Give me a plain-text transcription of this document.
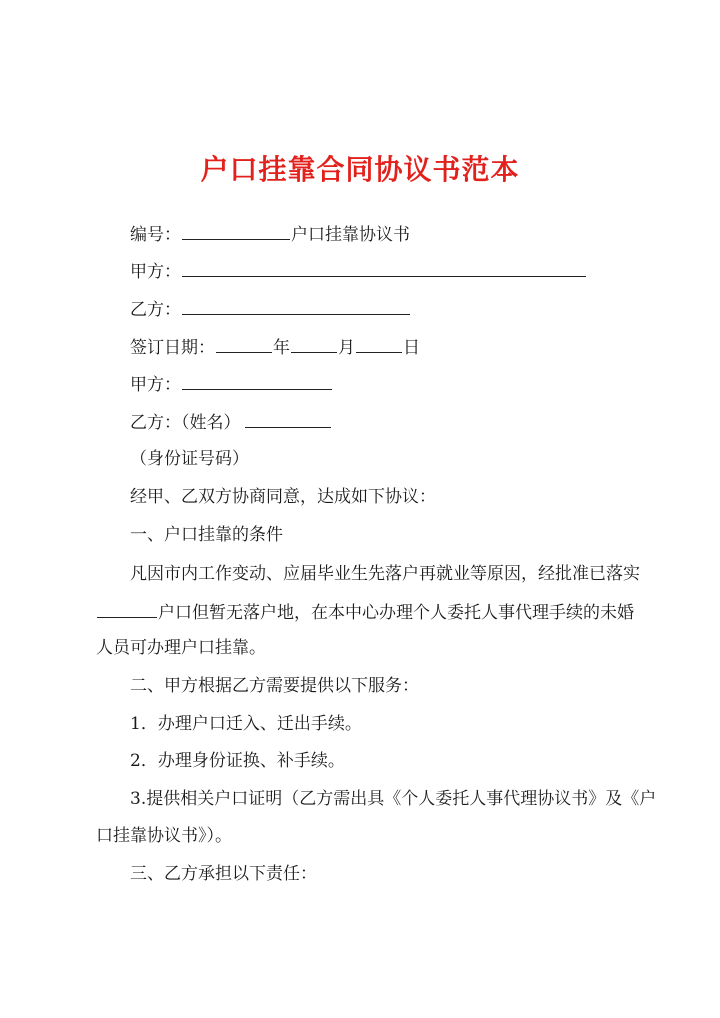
户口挂靠合同协议书范本
编号：	户口挂靠协议书
甲方：
乙方：
签订日期：	年	月	日
甲方：
乙方：（姓名）
（身份证号码）
经甲、乙双方协商同意，达成如下协议：
一、户口挂靠的条件
凡因市内工作变动、应届毕业生先落户再就业等原因，经批准已落实
户口但暂无落户地，在本中心办理个人委托人事代理手续的未婚
人员可办理户口挂靠。
二、甲方根据乙方需要提供以下服务：
1．办理户口迁入、迁出手续。
2．办理身份证换、补手续。
3.提供相关户口证明（乙方需出具《个人委托人事代理协议书》及《户
口挂靠协议书》）。
三、乙方承担以下责任：
